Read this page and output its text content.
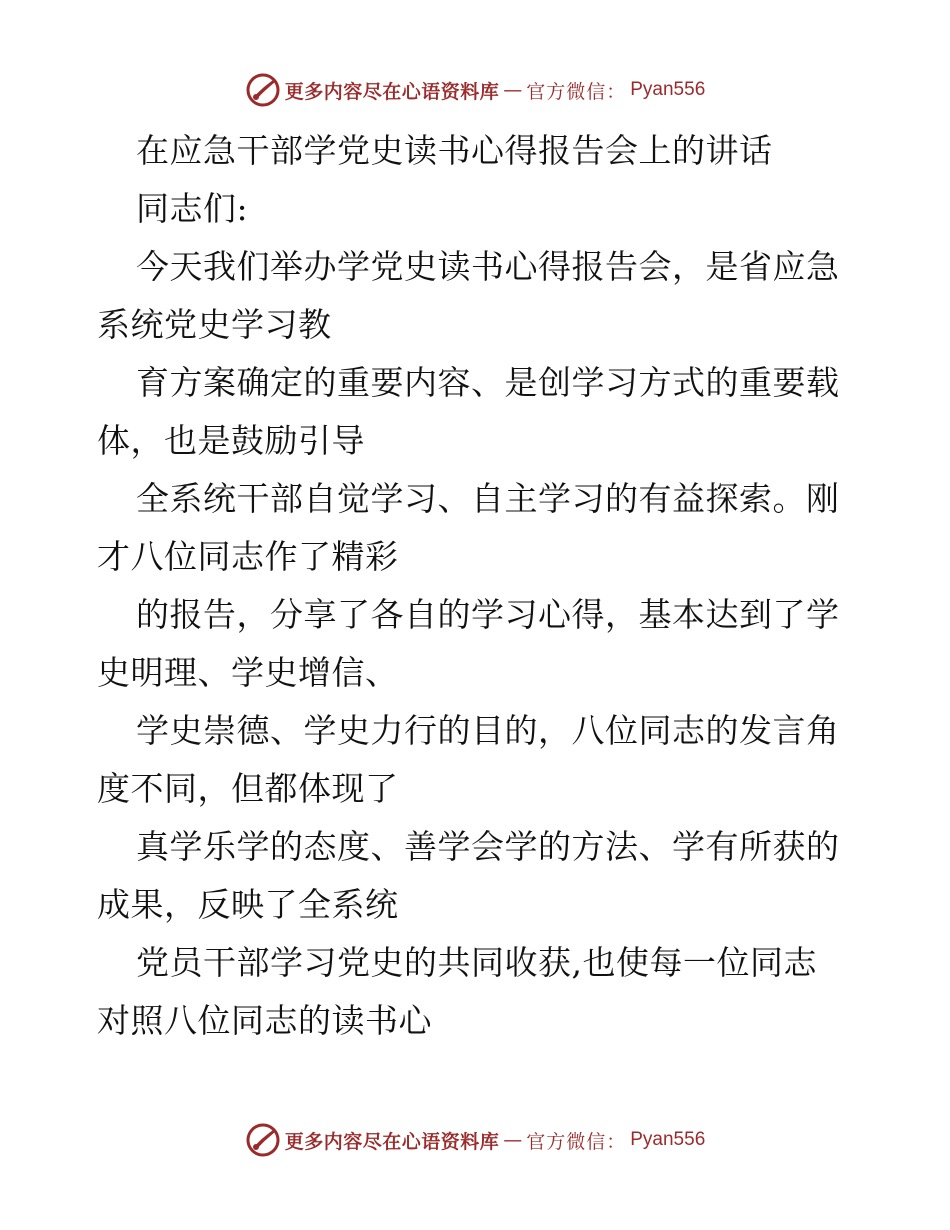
更多内容尽在心语资料库 — 官方微信： Pyan556
在应急干部学党史读书心得报告会上的讲话
同志们:
今天我们举办学党史读书心得报告会，是省应急
系统党史学习教
育方案确定的重要内容、是创学习方式的重要载
体，也是鼓励引导
全系统干部自觉学习、自主学习的有益探索。刚
才八位同志作了精彩
的报告，分享了各自的学习心得，基本达到了学
史明理、学史增信、
学史崇德、学史力行的目的，八位同志的发言角
度不同，但都体现了
真学乐学的态度、善学会学的方法、学有所获的
成果，反映了全系统
党员干部学习党史的共同收获,也使每一位同志
对照八位同志的读书心
更多内容尽在心语资料库 — 官方微信： Pyan556
